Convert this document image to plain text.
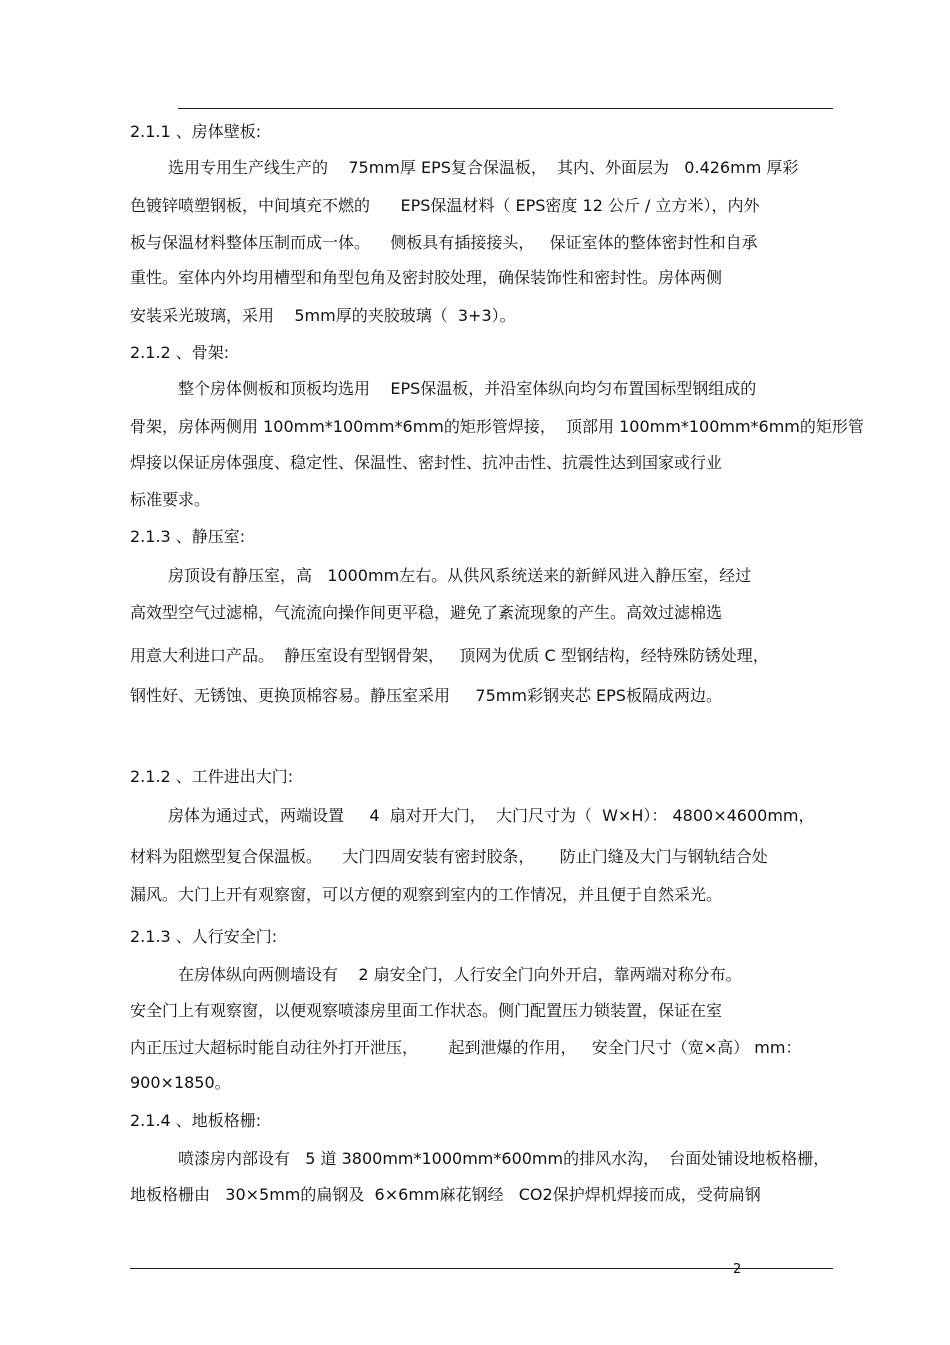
2.1.1 、房体壁板:
选用专用生产线生产的    75mm厚 EPS复合保温板，  其内、外面层为   0.426mm 厚彩
色镀锌喷塑钢板，中间填充不燃的      EPS保温材料（ EPS密度 12 公斤 / 立方米），内外
板与保温材料整体压制而成一体。    侧板具有插接接头，   保证室体的整体密封性和自承
重性。室体内外均用槽型和角型包角及密封胶处理，确保装饰性和密封性。房体两侧
安装采光玻璃，采用    5mm厚的夹胶玻璃（  3+3）。
2.1.2 、骨架:
整个房体侧板和顶板均选用    EPS保温板，并沿室体纵向均匀布置国标型钢组成的
骨架，房体两侧用 100mm*100mm*6mm的矩形管焊接，  顶部用 100mm*100mm*6mm的矩形管
焊接以保证房体强度、稳定性、保温性、密封性、抗冲击性、抗震性达到国家或行业
标准要求。
2.1.3 、静压室:
房顶设有静压室，高   1000mm左右。从供风系统送来的新鲜风进入静压室，经过
高效型空气过滤棉，气流流向操作间更平稳，避免了紊流现象的产生。高效过滤棉选
用意大利进口产品。  静压室设有型钢骨架，   顶网为优质 C 型钢结构，经特殊防锈处理，
钢性好、无锈蚀、更换顶棉容易。静压室采用     75mm彩钢夹芯 EPS板隔成两边。
2.1.2 、工件进出大门:
房体为通过式，两端设置     4  扇对开大门，  大门尺寸为（  W×H）： 4800×4600mm，
材料为阻燃型复合保温板。    大门四周安装有密封胶条，     防止门缝及大门与钢轨结合处
漏风。大门上开有观察窗，可以方便的观察到室内的工作情况，并且便于自然采光。
2.1.3 、人行安全门:
在房体纵向两侧墙设有    2 扇安全门，人行安全门向外开启，靠两端对称分布。
安全门上有观察窗，以便观察喷漆房里面工作状态。侧门配置压力锁装置，保证在室
内正压过大超标时能自动往外打开泄压，      起到泄爆的作用，   安全门尺寸（宽×高） mm：
900×1850。
2.1.4 、地板格栅:
喷漆房内部设有   5 道 3800mm*1000mm*600mm的排风水沟，  台面处铺设地板格栅，
地板格栅由   30×5mm的扁钢及  6×6mm麻花钢经   CO2保护焊机焊接而成，受荷扁钢
2
